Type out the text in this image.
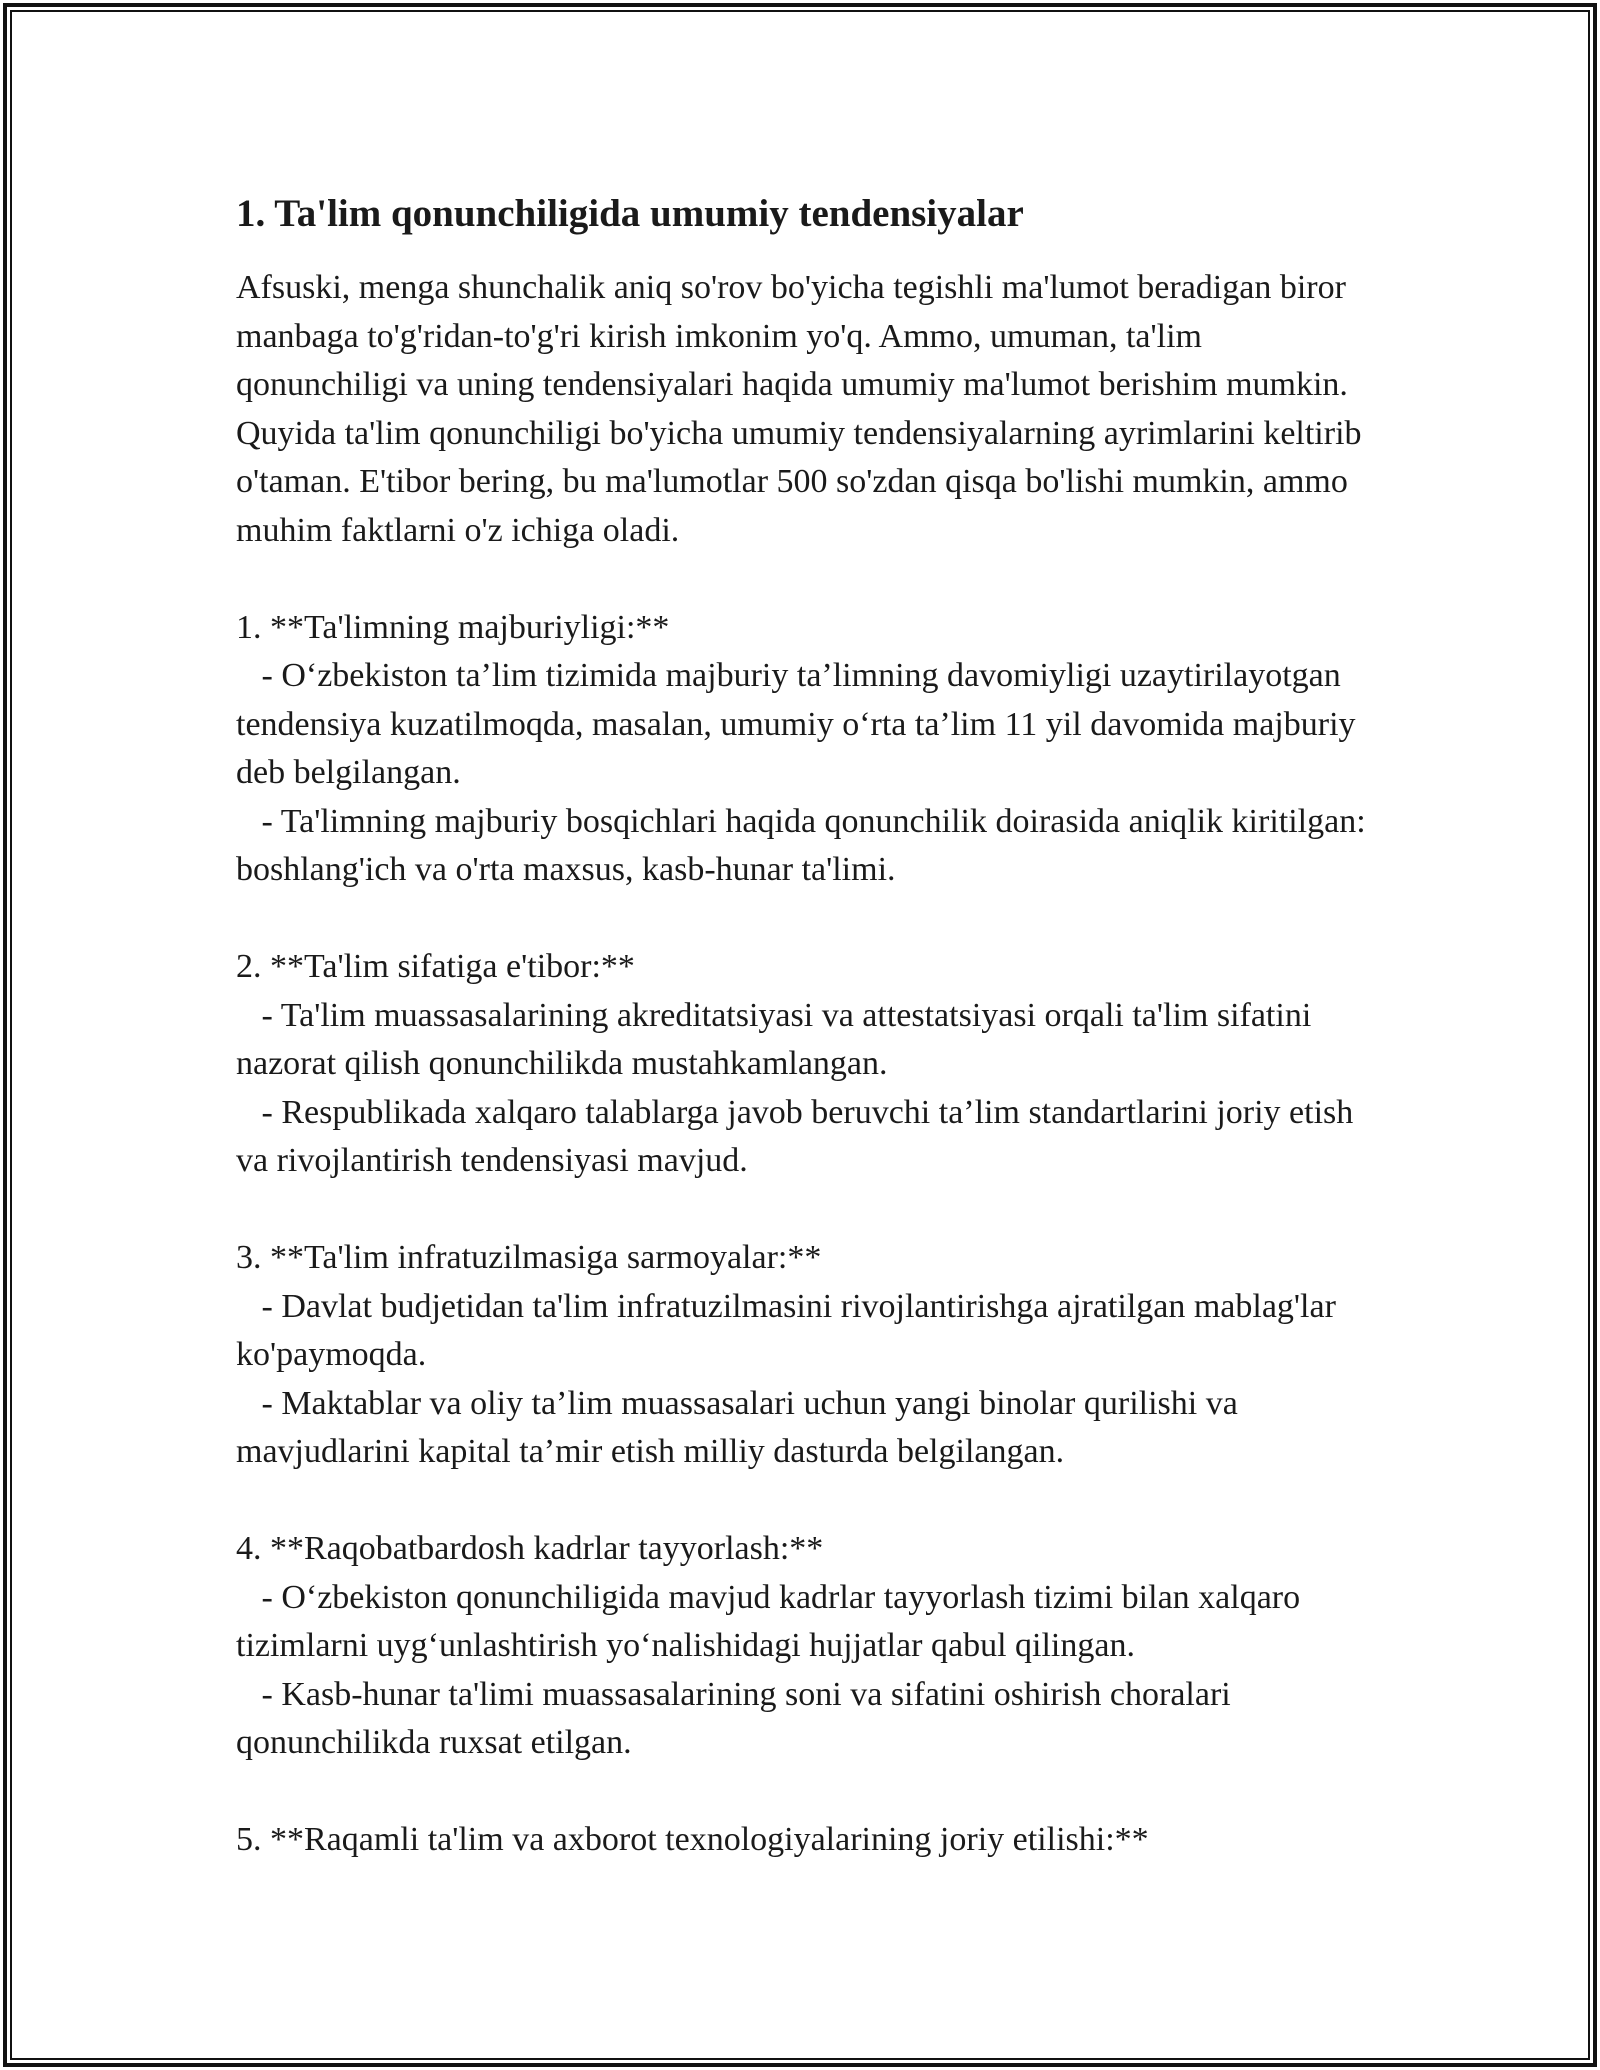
1. Ta'lim qonunchiligida umumiy tendensiyalar

Afsuski, menga shunchalik aniq so'rov bo'yicha tegishli ma'lumot beradigan biror manbaga to'g'ridan-to'g'ri kirish imkonim yo'q. Ammo, umuman, ta'lim qonunchiligi va uning tendensiyalari haqida umumiy ma'lumot berishim mumkin. Quyida ta'lim qonunchiligi bo'yicha umumiy tendensiyalarning ayrimlarini keltirib o'taman. E'tibor bering, bu ma'lumotlar 500 so'zdan qisqa bo'lishi mumkin, ammo muhim faktlarni o'z ichiga oladi.

1. **Ta'limning majburiyligi:**

- O‘zbekiston ta’lim tizimida majburiy ta’limning davomiyligi uzaytirilayotgan tendensiya kuzatilmoqda, masalan, umumiy o‘rta ta’lim 11 yil davomida majburiy deb belgilangan.

- Ta'limning majburiy bosqichlari haqida qonunchilik doirasida aniqlik kiritilgan: boshlang'ich va o'rta maxsus, kasb-hunar ta'limi.

2. **Ta'lim sifatiga e'tibor:**

- Ta'lim muassasalarining akreditatsiyasi va attestatsiyasi orqali ta'lim sifatini nazorat qilish qonunchilikda mustahkamlangan.

- Respublikada xalqaro talablarga javob beruvchi ta’lim standartlarini joriy etish va rivojlantirish tendensiyasi mavjud.

3. **Ta'lim infratuzilmasiga sarmoyalar:**

- Davlat budjetidan ta'lim infratuzilmasini rivojlantirishga ajratilgan mablag'lar ko'paymoqda.

- Maktablar va oliy ta’lim muassasalari uchun yangi binolar qurilishi va mavjudlarini kapital ta’mir etish milliy dasturda belgilangan.

4. **Raqobatbardosh kadrlar tayyorlash:**

- O‘zbekiston qonunchiligida mavjud kadrlar tayyorlash tizimi bilan xalqaro tizimlarni uyg‘unlashtirish yo‘nalishidagi hujjatlar qabul qilingan.

- Kasb-hunar ta'limi muassasalarining soni va sifatini oshirish choralari qonunchilikda ruxsat etilgan.

5. **Raqamli ta'lim va axborot texnologiyalarining joriy etilishi:**
